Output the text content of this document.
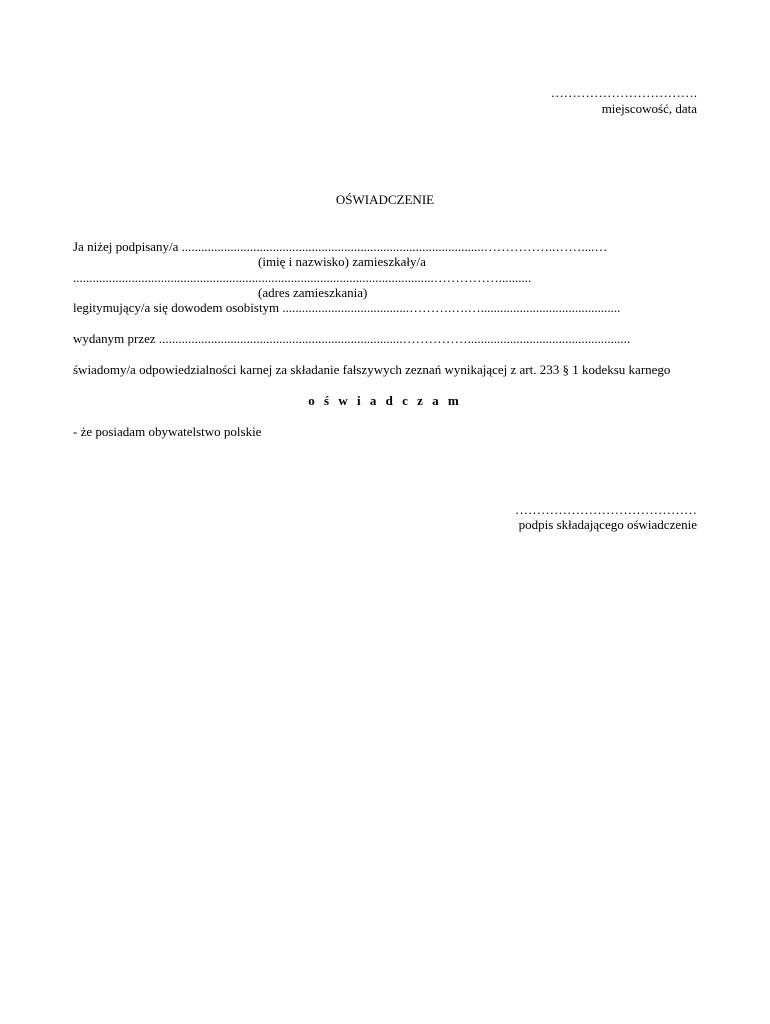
…………………………….
miejscowość, data
OŚWIADCZENIE
Ja niżej podpisany/a .............................................................................................……………..……....…
(imię i nazwisko) zamieszkały/a
...............................................................................................................……………..........
(adres zamieszkania)
legitymujący/a się dowodem osobistym .......................................……….….…...........................................
wydanym przez ...........................................................................……………..................................................
świadomy/a odpowiedzialności karnej za składanie fałszywych zeznań wynikającej z art. 233 § 1 kodeksu karnego
o ś w i a d c z a m
- że posiadam obywatelstwo polskie
……………………………………
podpis składającego oświadczenie
